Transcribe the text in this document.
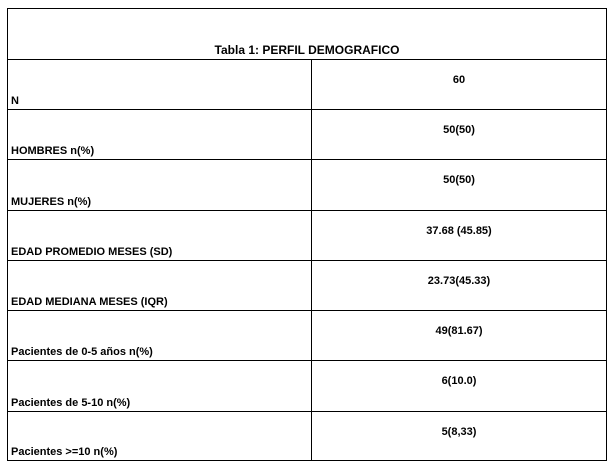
Tabla 1: PERFIL DEMOGRAFICO
N
60
HOMBRES n(%)
50(50)
MUJERES n(%)
50(50)
EDAD PROMEDIO MESES (SD)
37.68 (45.85)
EDAD MEDIANA MESES (IQR)
23.73(45.33)
Pacientes de 0-5 años n(%)
49(81.67)
Pacientes de 5-10 n(%)
6(10.0)
Pacientes >=10 n(%)
5(8,33)
